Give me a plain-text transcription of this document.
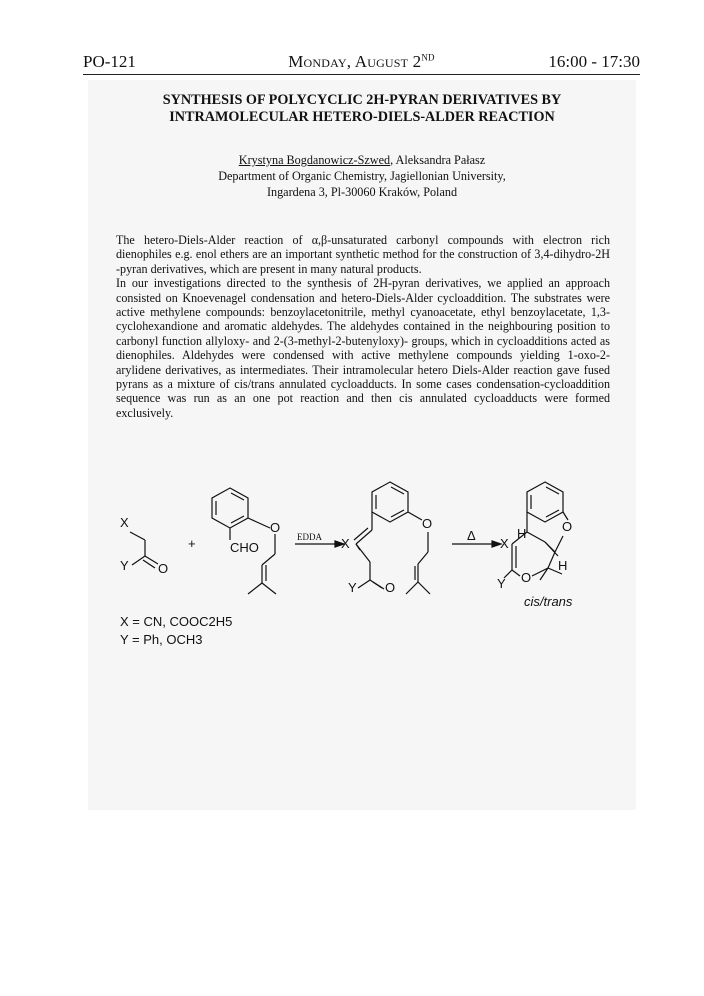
PO-121	Monday, August 2ND	16:00 - 17:30
SYNTHESIS OF POLYCYCLIC 2H-PYRAN DERIVATIVES BY
INTRAMOLECULAR HETERO-DIELS-ALDER REACTION
Krystyna Bogdanowicz-Szwed, Aleksandra Pałasz
Department of Organic Chemistry, Jagiellonian University,
Ingardena 3, Pl-30060 Kraków, Poland

The hetero-Diels-Alder reaction of α,β-unsaturated carbonyl compounds with electron rich dienophiles e.g. enol ethers are an important synthetic method for the construction of 3,4-dihydro-2H -pyran derivatives, which are present in many natural products.

In our investigations directed to the synthesis of 2H-pyran derivatives, we applied an approach consisted on Knoevenagel condensation and hetero-Diels-Alder cycloaddition. The substrates were active methylene compounds: benzoylacetonitrile, methyl cyanoacetate, ethyl benzoylacetate, 1,3-cyclohexandione and aromatic aldehydes. The aldehydes contained in the neighbouring position to carbonyl function allyloxy- and 2-(3-methyl-2-butenyloxy)- groups, which in cycloadditions acted as dienophiles. Aldehydes were condensed with active methylene compounds yielding 1-oxo-2-arylidene derivatives, as intermediates. Their intramolecular hetero Diels-Alder reaction gave fused pyrans as a mixture of cis/trans annulated cycloadducts. In some cases condensation-cycloaddition sequence was run as an one pot reaction and then cis annulated cycloadducts were formed exclusively.

X
Y O
+
O
CHO
EDDA X
Y O
O
Δ
X
H	O
H
Y O
cis/trans
X = CN, COOC2H5
Y = Ph, OCH3
